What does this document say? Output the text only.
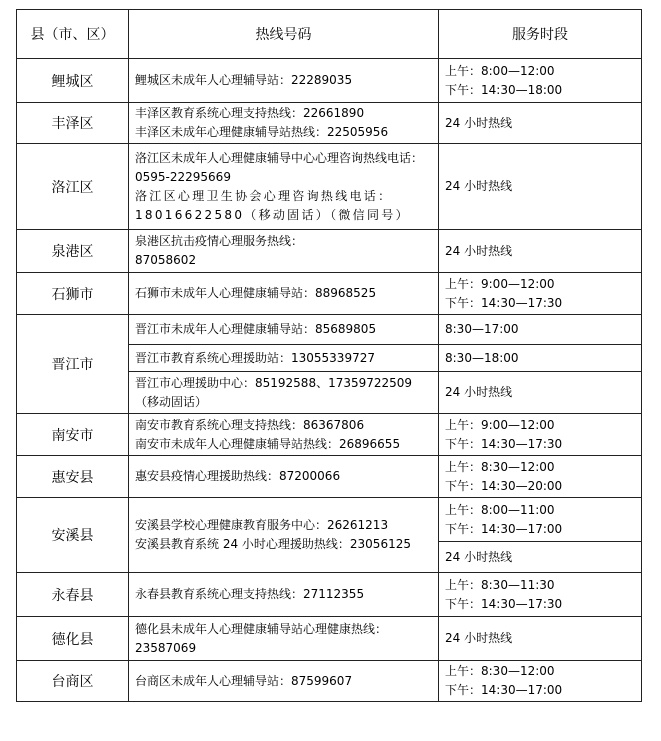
县（市、区）	热线号码	服务时段
鲤城区	鲤城区未成年人心理辅导站：22289035	上午：8:00—12:00
下午：14:30—18:00

丰泽区	丰泽区教育系统心理支持热线：22661890
丰泽区未成年心理健康辅导站热线：22505956	24 小时热线

洛江区	洛江区未成年人心理健康辅导中心心理咨询热线电话：0595-22295669
洛江区心理卫生协会心理咨询热线电话：18016622580（移动固话）（微信同号）	24 小时热线

泉港区	泉港区抗击疫情心理服务热线：87058602	24 小时热线

石狮市	石狮市未成年人心理健康辅导站：88968525	上午：9:00—12:00
下午：14:30—17:30

晋江市	晋江市未成年人心理健康辅导站：85689805	8:30—17:00

	晋江市教育系统心理援助站：13055339727	8:30—18:00

	晋江市心理援助中心：85192588、17359722509（移动固话）	24 小时热线

南安市	南安市教育系统心理支持热线：86367806
南安市未成年人心理健康辅导站热线：26896655	上午：9:00—12:00
下午：14:30—17:30

惠安县	惠安县疫情心理援助热线：87200066	上午：8:30—12:00
下午：14:30—20:00

安溪县	安溪县学校心理健康教育服务中心：26261213
安溪县教育系统 24 小时心理援助热线：23056125	上午：8:00—11:00
下午：14:30—17:00

		24 小时热线

永春县	永春县教育系统心理支持热线：27112355	上午：8:30—11:30
下午：14:30—17:30

德化县	德化县未成年人心理健康辅导站心理健康热线：23587069	24 小时热线

台商区	台商区未成年人心理辅导站：87599607	上午：8:30—12:00
下午：14:30—17:00
